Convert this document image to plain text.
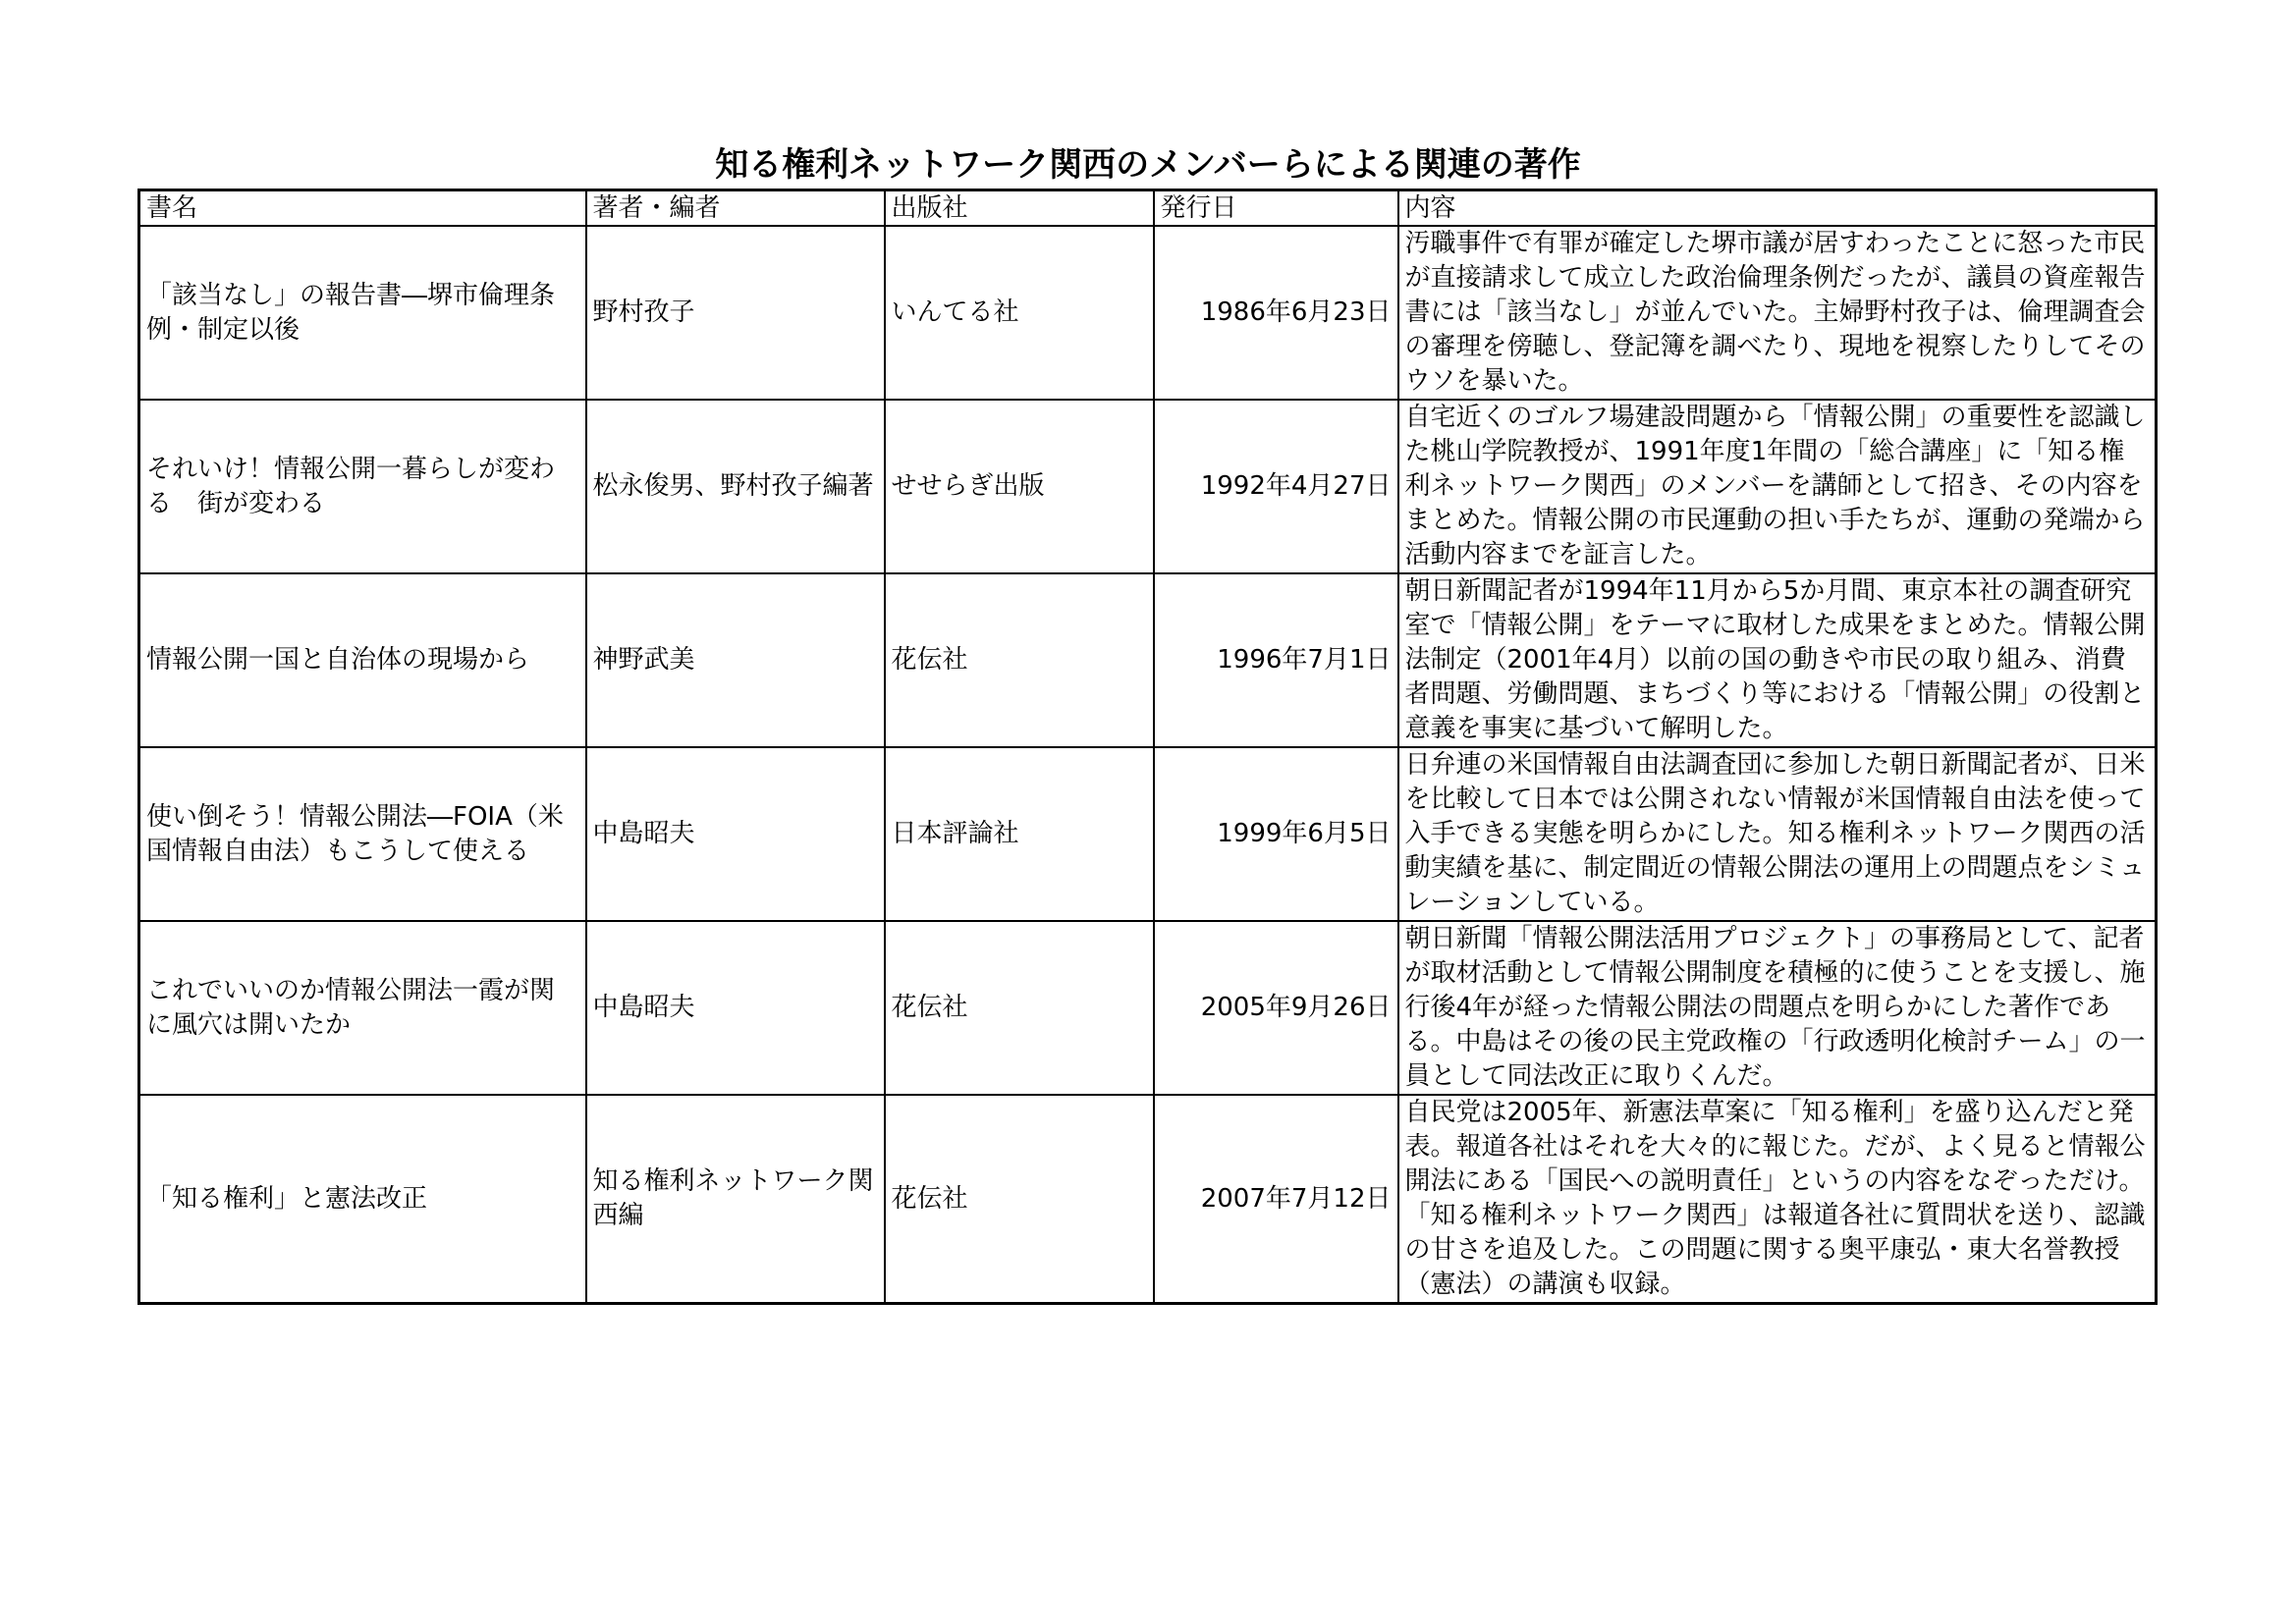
知る権利ネットワーク関西のメンバーらによる関連の著作
書名	著者・編者	出版社	発行日	内容
「該当なし」の報告書―堺市倫理条例・制定以後	野村孜子	いんてる社	1986年6月23日	汚職事件で有罪が確定した堺市議が居すわったことに怒った市民が直接請求して成立した政治倫理条例だったが、議員の資産報告書には「該当なし」が並んでいた。主婦野村孜子は、倫理調査会の審理を傍聴し、登記簿を調べたり、現地を視察したりしてそのウソを暴いた。
それいけ！情報公開一暮らしが変わる　街が変わる	松永俊男、野村孜子編著	せせらぎ出版	1992年4月27日	自宅近くのゴルフ場建設問題から「情報公開」の重要性を認識した桃山学院教授が、1991年度1年間の「総合講座」に「知る権利ネットワーク関西」のメンバーを講師として招き、その内容をまとめた。情報公開の市民運動の担い手たちが、運動の発端から活動内容までを証言した。
情報公開一国と自治体の現場から	神野武美	花伝社	1996年7月1日	朝日新聞記者が1994年11月から5か月間、東京本社の調査研究室で「情報公開」をテーマに取材した成果をまとめた。情報公開法制定（2001年4月）以前の国の動きや市民の取り組み、消費者問題、労働問題、まちづくり等における「情報公開」の役割と意義を事実に基づいて解明した。
使い倒そう！情報公開法―FOIA（米国情報自由法）もこうして使える	中島昭夫	日本評論社	1999年6月5日	日弁連の米国情報自由法調査団に参加した朝日新聞記者が、日米を比較して日本では公開されない情報が米国情報自由法を使って入手できる実態を明らかにした。知る権利ネットワーク関西の活動実績を基に、制定間近の情報公開法の運用上の問題点をシミュレーションしている。
これでいいのか情報公開法一霞が関に風穴は開いたか	中島昭夫	花伝社	2005年9月26日	朝日新聞「情報公開法活用プロジェクト」の事務局として、記者が取材活動として情報公開制度を積極的に使うことを支援し、施行後4年が経った情報公開法の問題点を明らかにした著作である。中島はその後の民主党政権の「行政透明化検討チーム」の一員として同法改正に取りくんだ。
「知る権利」と憲法改正	知る権利ネットワーク関西編	花伝社	2007年7月12日	自民党は2005年、新憲法草案に「知る権利」を盛り込んだと発表。報道各社はそれを大々的に報じた。だが、よく見ると情報公開法にある「国民への説明責任」というの内容をなぞっただけ。「知る権利ネットワーク関西」は報道各社に質問状を送り、認識の甘さを追及した。この問題に関する奥平康弘・東大名誉教授（憲法）の講演も収録。
